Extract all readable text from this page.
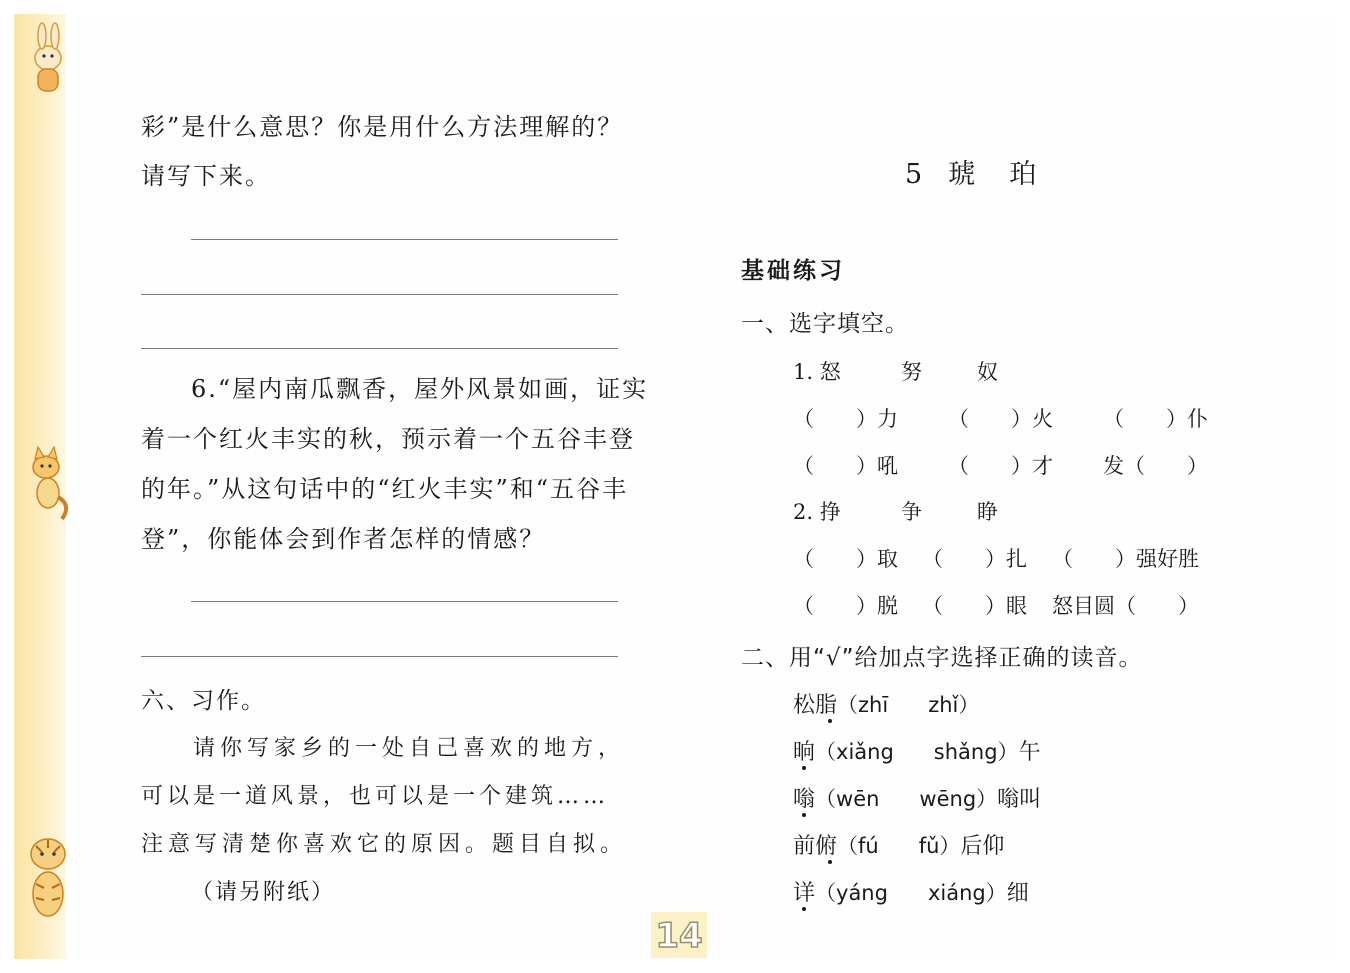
彩”是什么意思？你是用什么方法理解的？
请写下来。
6.“屋内南瓜飘香，屋外风景如画，证实
着一个红火丰实的秋，预示着一个五谷丰登
的年。”从这句话中的“红火丰实”和“五谷丰
登”，你能体会到作者怎样的情感？
六、习作。
请你写家乡的一处自己喜欢的地方，
可以是一道风景，也可以是一个建筑……
注意写清楚你喜欢它的原因。题目自拟。
（请另附纸）
5 琥 珀
基础练习
一、选字填空。
1. 怒	努	奴
（　　）力 （　　）火 （　　）仆
（　　）吼 （　　）才 发（　　）
2. 挣	争	睁
（　　）取 （　　）扎 （　　）强好胜
（　　）脱 （　　）眼 怒目圆（　　）
二、用“√”给加点字选择正确的读音。
松脂（zhī zhǐ）
晌（xiǎng shǎng）午
嗡（wēn wēng）嗡叫
前俯（fú fǔ）后仰
详（yáng xiáng）细
14
